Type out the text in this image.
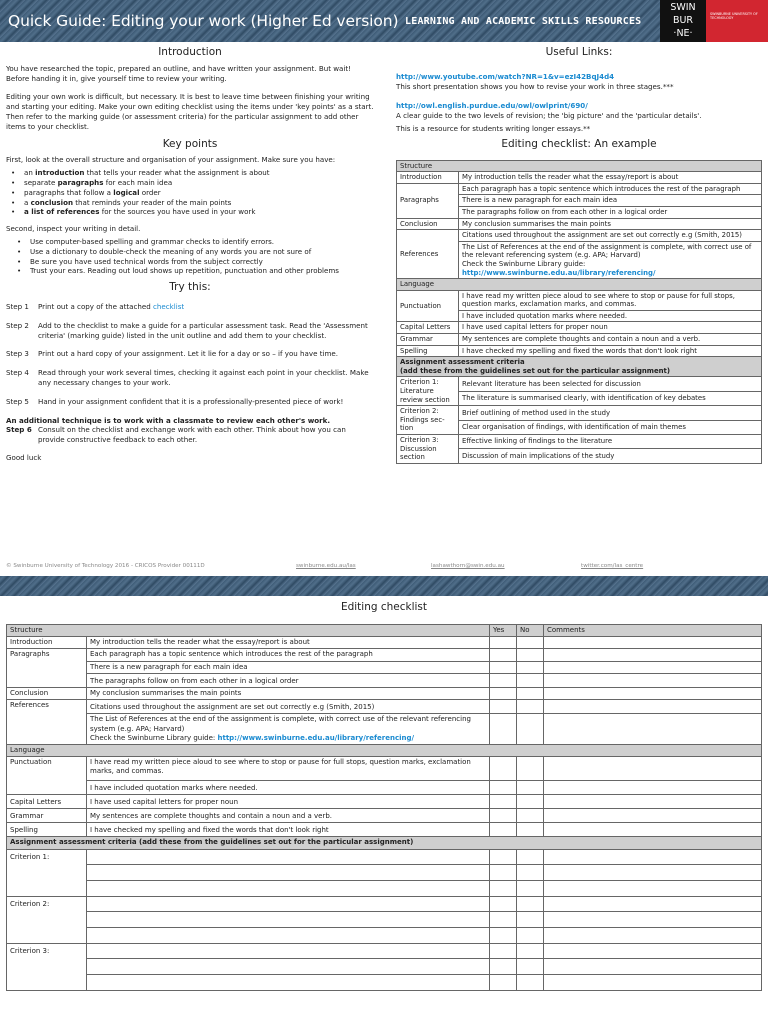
Quick Guide: Editing your work (Higher Ed version) LEARNING AND ACADEMIC SKILLS RESOURCES
SWIN
BUR
·NE·
SWINBURNE UNIVERSITY OF TECHNOLOGY
Introduction

You have researched the topic, prepared an outline, and have written your assignment. But wait! Before handing it in, give yourself time to review your writing.

Editing your own work is difficult, but necessary. It is best to leave time between finishing your writing and starting your editing. Make your own editing checklist using the items under 'key points' as a start. Then refer to the marking guide (or assessment criteria) for the particular assignment to add other items to your checklist.

Key points

First, look at the overall structure and organisation of your assignment. Make sure you have:

• an introduction that tells your reader what the assignment is about
• separate paragraphs for each main idea
• paragraphs that follow a logical order
• a conclusion that reminds your reader of the main points
• a list of references for the sources you have used in your work

Second, inspect your writing in detail.

• Use computer-based spelling and grammar checks to identify errors.
• Use a dictionary to double-check the meaning of any words you are not sure of
• Be sure you have used technical words from the subject correctly
• Trust your ears. Reading out loud shows up repetition, punctuation and other problems
Try this:
Step 1	Print out a copy of the attached checklist
Step 2	Add to the checklist to make a guide for a particular assessment task. Read the 'Assessment criteria' (marking guide) listed in the unit outline and add them to your checklist.
Step 3	Print out a hard copy of your assignment. Let it lie for a day or so – if you have time.
Step 4	Read through your work several times, checking it against each point in your checklist. Make any necessary changes to your work.
Step 5	Hand in your assignment confident that it is a professionally-presented piece of work!
An additional technique is to work with a classmate to review each other's work.
Step 6 Consult on the checklist and exchange work with each other. Think about how you can provide constructive feedback to each other.
Good luck
Useful Links:
http://www.youtube.com/watch?NR=1&v=ezI42BqJ4d4

This short presentation shows you how to revise your work in three stages.***

http://owl.english.purdue.edu/owl/owlprint/690/

A clear guide to the two levels of revision; the 'big picture' and the 'particular details'.

This is a resource for students writing longer essays.**

Editing checklist: An example
Structure	
Introduction	My introduction tells the reader what the essay/report is about
Paragraphs	Each paragraph has a topic sentence which introduces the rest of the paragraph
	There is a new paragraph for each main idea
	The paragraphs follow on from each other in a logical order
Conclusion	My conclusion summarises the main points
References	Citations used throughout the assignment are set out correctly e.g (Smith, 2015)

	The List of References at the end of the assignment is complete, with correct use of the relevant referencing system (e.g. APA; Harvard)
Check the Swinburne Library guide:
http://www.swinburne.edu.au/library/referencing/

Language	
Punctuation	I have read my written piece aloud to see where to stop or pause for full stops, question marks, exclamation marks, and commas.
	I have included quotation marks where needed.
Capital Letters	I have used capital letters for proper noun
Grammar	My sentences are complete thoughts and contain a noun and a verb.
Spelling	I have checked my spelling and fixed the words that don't look right

Assignment assessment criteria
(add these from the guidelines set out for the particular assignment)	

Criterion 1: Literature review section	Relevant literature has been selected for discussion
	The literature is summarised clearly, with identification of key debates
Criterion 2: Findings sec-tion	Brief outlining of method used in the study
	Clear organisation of findings, with identification of main themes
Criterion 3: Discussion section	Effective linking of findings to the literature
	Discussion of main implications of the study
© Swinburne University of Technology 2016 - CRICOS Provider 00111D	swinburne.edu.au/las	lashawthorn@swin.edu.au	twitter.com/las_centre
Editing checklist
Structure		Yes	No	Comments
Introduction	My introduction tells the reader what the essay/report is about			
Paragraphs	Each paragraph has a topic sentence which introduces the rest of the paragraph			
	There is a new paragraph for each main idea			
	The paragraphs follow on from each other in a logical order			
Conclusion	My conclusion summarises the main points			
References	Citations used throughout the assignment are set out correctly e.g (Smith, 2015)			

	The List of References at the end of the assignment is complete, with correct use of the relevant referencing system (e.g. APA; Harvard)
Check the Swinburne Library guide: http://www.swinburne.edu.au/library/referencing/			
Language				
Punctuation	I have read my written piece aloud to see where to stop or pause for full stops, question marks, exclamation marks, and commas.			
	I have included quotation marks where needed.			
Capital Letters	I have used capital letters for proper noun			
Grammar	My sentences are complete thoughts and contain a noun and a verb.			
Spelling	I have checked my spelling and fixed the words that don't look right			
Assignment assessment criteria (add these from the guidelines set out for the particular assignment)				
Criterion 1:				

Criterion 2:				

Criterion 3:				
